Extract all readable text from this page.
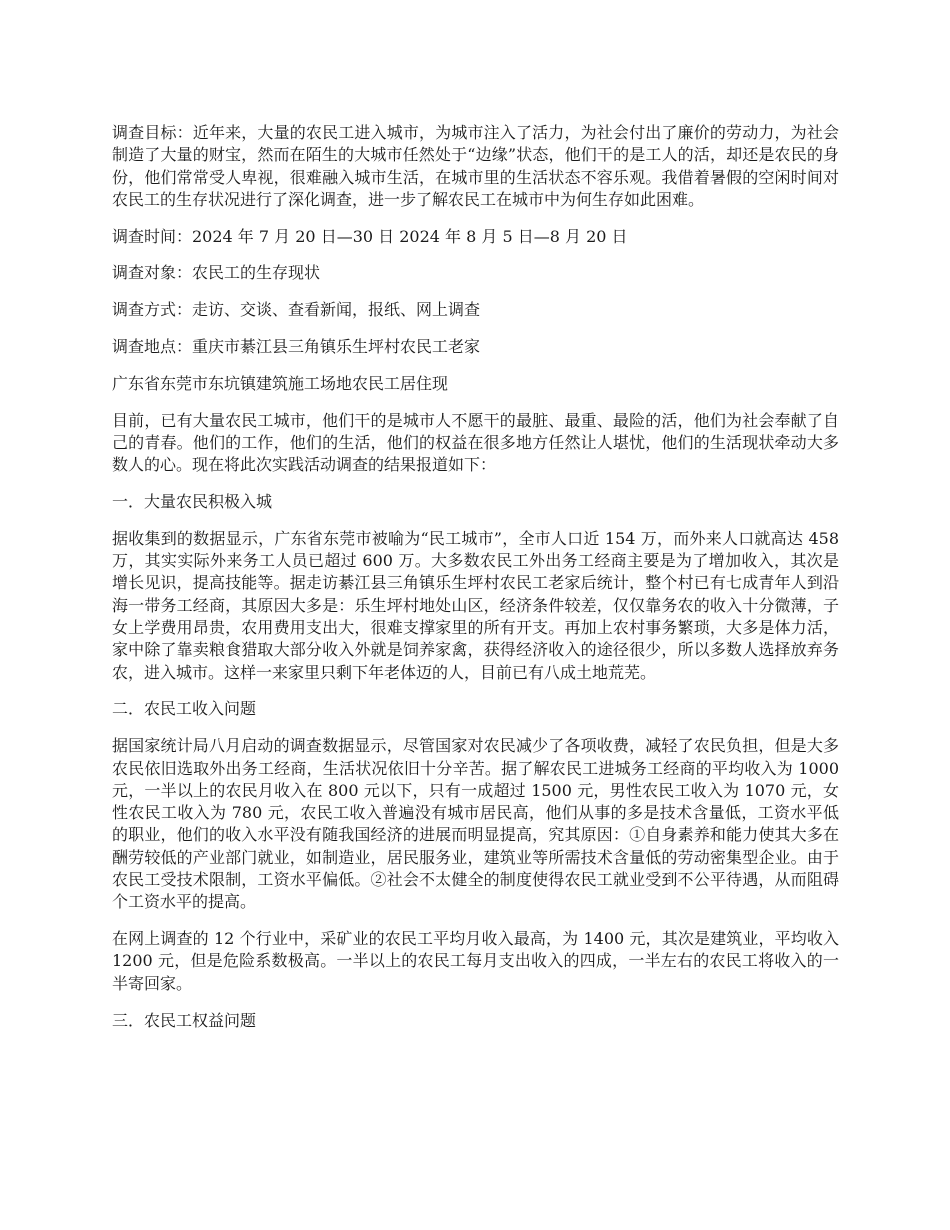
调查目标：近年来，大量的农民工进入城市，为城市注入了活力，为社会付出了廉价的劳动力，为社会制造了大量的财宝，然而在陌生的大城市任然处于“边缘”状态，他们干的是工人的活，却还是农民的身份，他们常常受人卑视，很难融入城市生活，在城市里的生活状态不容乐观。我借着暑假的空闲时间对农民工的生存状况进行了深化调查，进一步了解农民工在城市中为何生存如此困难。

调查时间：2024 年 7 月 20 日—30 日 2024 年 8 月 5 日—8 月 20 日

调查对象：农民工的生存现状

调查方式：走访、交谈、查看新闻，报纸、网上调查

调查地点：重庆市綦江县三角镇乐生坪村农民工老家

广东省东莞市东坑镇建筑施工场地农民工居住现

目前，已有大量农民工城市，他们干的是城市人不愿干的最脏、最重、最险的活，他们为社会奉献了自己的青春。他们的工作，他们的生活，他们的权益在很多地方任然让人堪忧，他们的生活现状牵动大多数人的心。现在将此次实践活动调查的结果报道如下：

一．大量农民积极入城

据收集到的数据显示，广东省东莞市被喻为“民工城市”，全市人口近 154 万，而外来人口就高达 458 万，其实实际外来务工人员已超过 600 万。大多数农民工外出务工经商主要是为了增加收入，其次是增长见识，提高技能等。据走访綦江县三角镇乐生坪村农民工老家后统计，整个村已有七成青年人到沿海一带务工经商，其原因大多是：乐生坪村地处山区，经济条件较差，仅仅靠务农的收入十分微薄，子女上学费用昂贵，农用费用支出大，很难支撑家里的所有开支。再加上农村事务繁琐，大多是体力活，家中除了靠卖粮食猎取大部分收入外就是饲养家禽，获得经济收入的途径很少，所以多数人选择放弃务农，进入城市。这样一来家里只剩下年老体迈的人，目前已有八成土地荒芜。

二．农民工收入问题

据国家统计局八月启动的调查数据显示，尽管国家对农民减少了各项收费，减轻了农民负担，但是大多农民依旧选取外出务工经商，生活状况依旧十分辛苦。据了解农民工进城务工经商的平均收入为 1000 元，一半以上的农民月收入在 800 元以下，只有一成超过 1500 元，男性农民工收入为 1070 元，女性农民工收入为 780 元，农民工收入普遍没有城市居民高，他们从事的多是技术含量低，工资水平低的职业，他们的收入水平没有随我国经济的进展而明显提高，究其原因：①自身素养和能力使其大多在酬劳较低的产业部门就业，如制造业，居民服务业，建筑业等所需技术含量低的劳动密集型企业。由于农民工受技术限制，工资水平偏低。②社会不太健全的制度使得农民工就业受到不公平待遇，从而阻碍个工资水平的提高。

在网上调查的 12 个行业中，采矿业的农民工平均月收入最高，为 1400 元，其次是建筑业，平均收入 1200 元，但是危险系数极高。一半以上的农民工每月支出收入的四成，一半左右的农民工将收入的一半寄回家。

三．农民工权益问题
